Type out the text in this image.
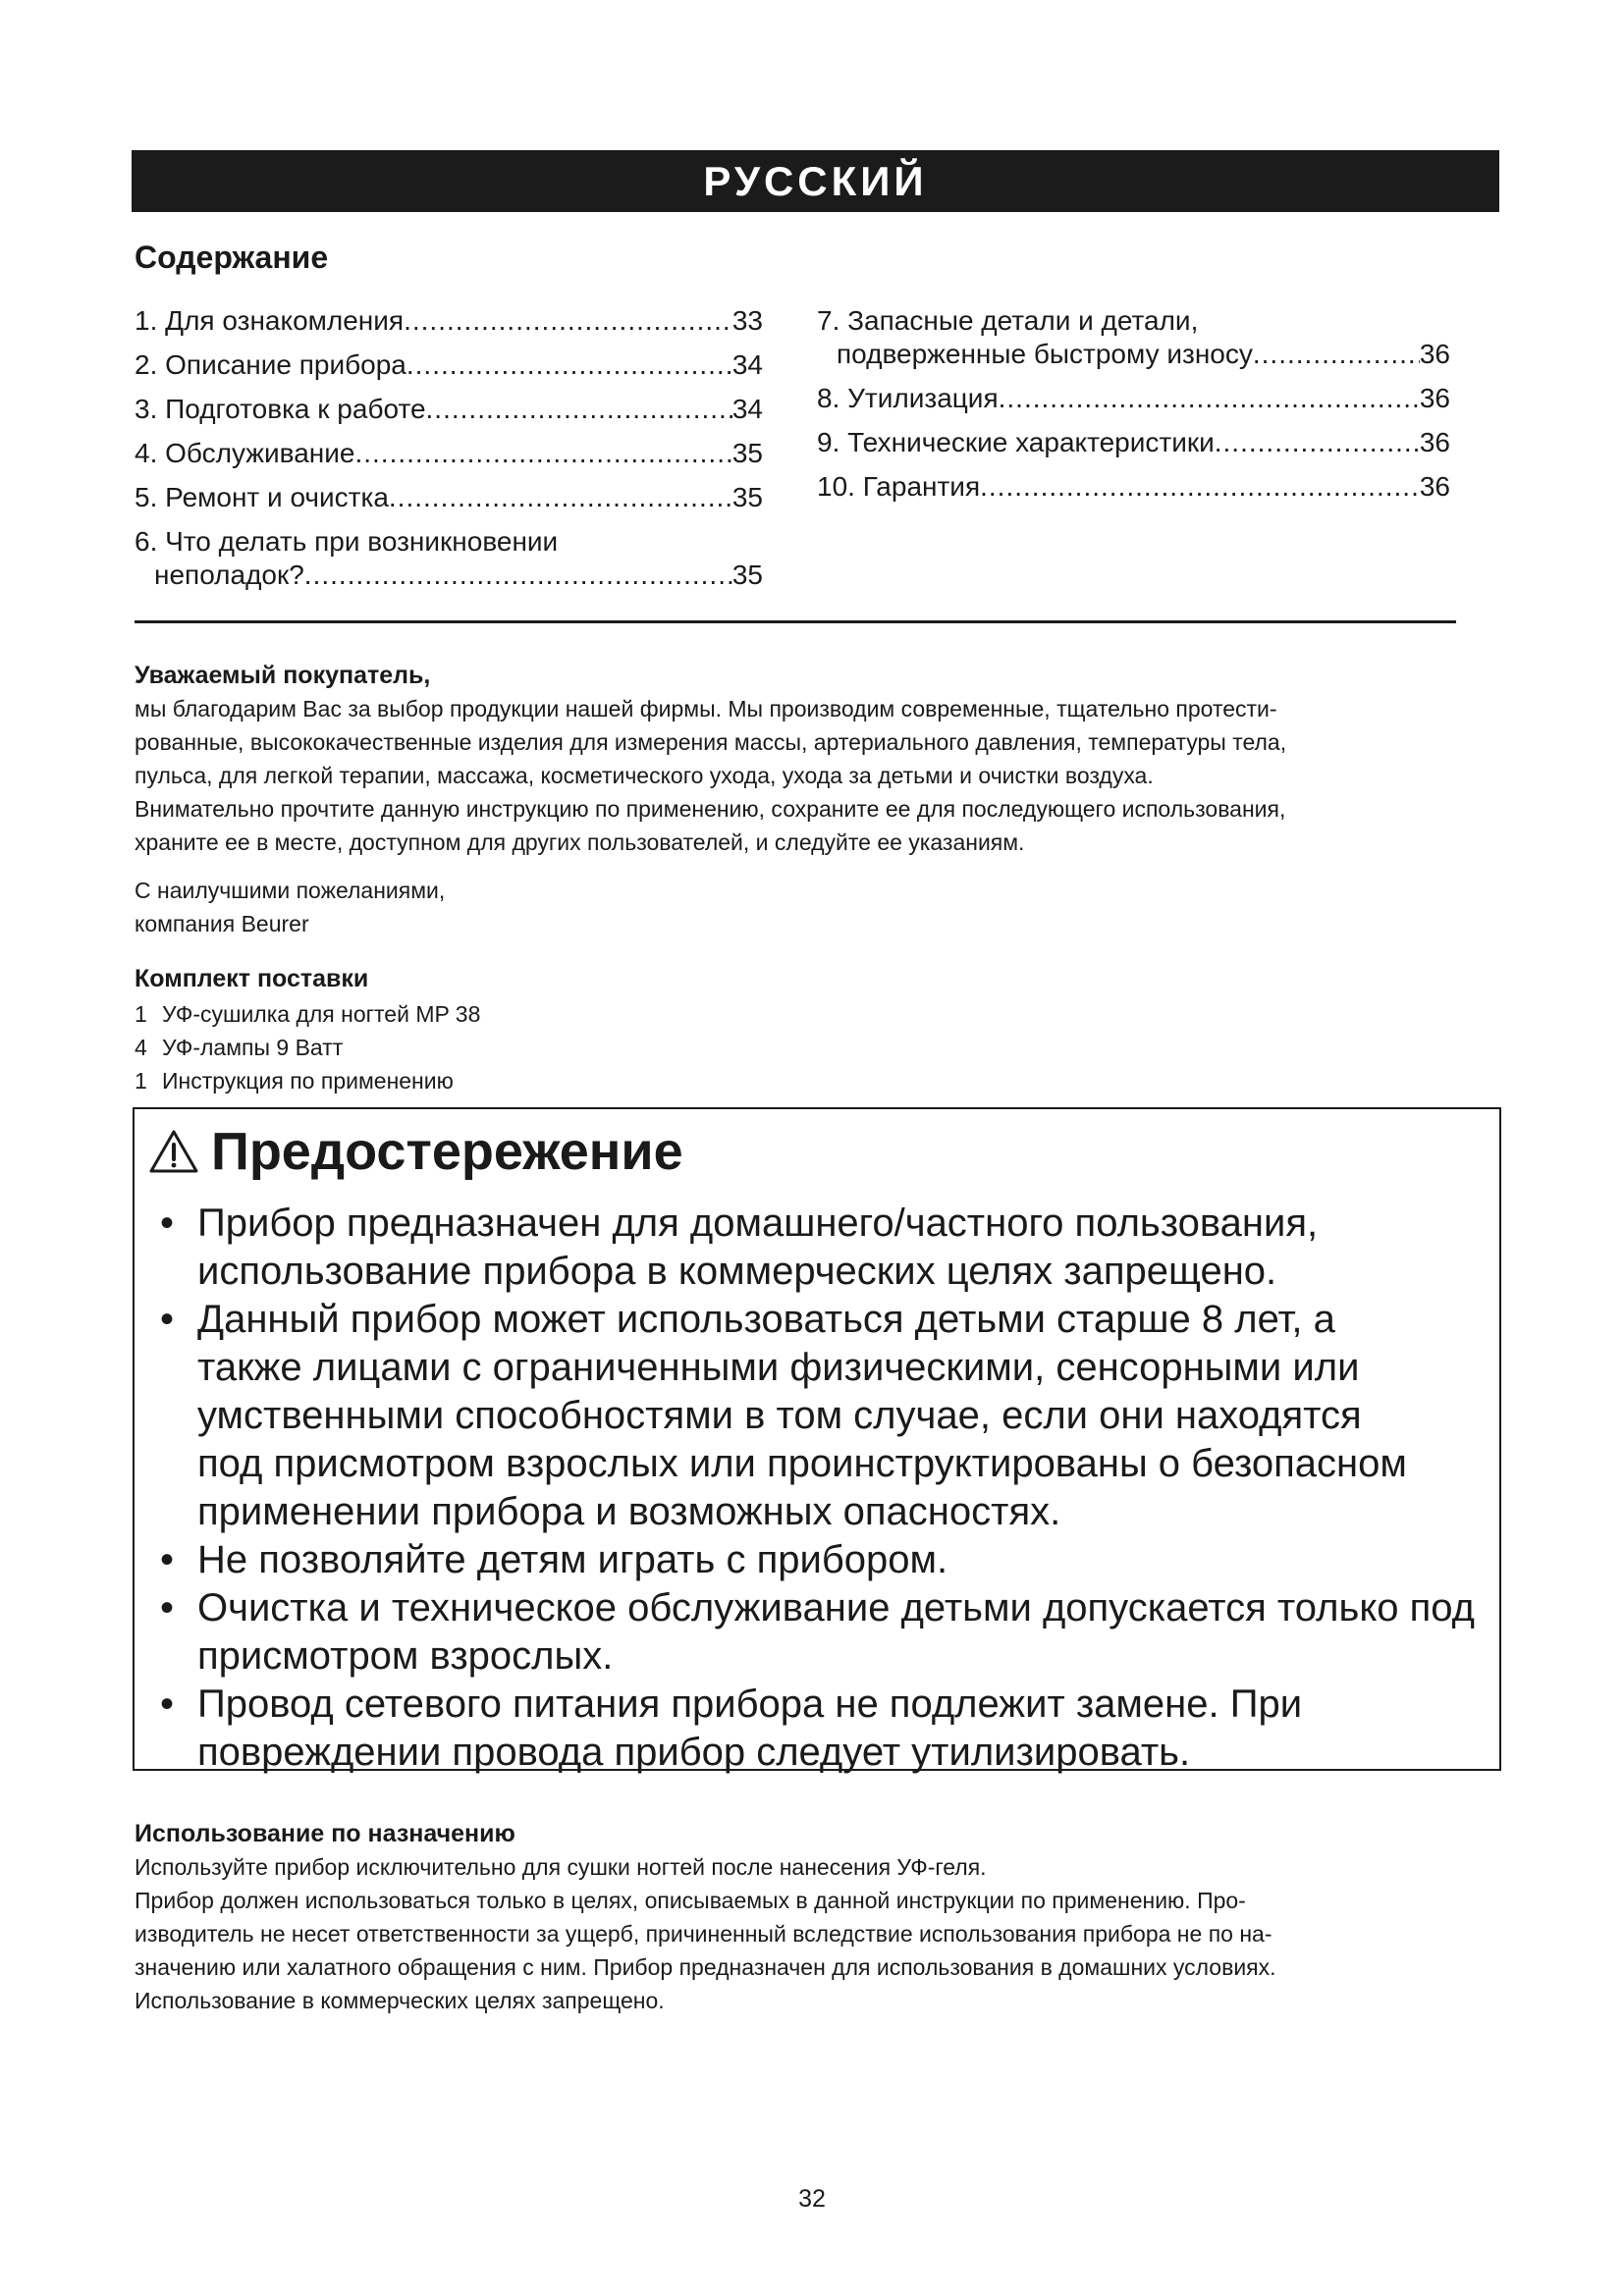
РУССКИЙ
Содержание
1. Для ознакомления .....	33
2. Описание прибора .....	34
3. Подготовка к работе .....	34
4. Обслуживание .....	35
5. Ремонт и очистка .....	35
6. Что делать при возникновении
неполадок? .....	35
7. Запасные детали и детали,
подверженные быстрому износу .....	36
8. Утилизация .....	36
9. Технические характеристики .....	36
10. Гарантия .....	36
Уважаемый покупатель,
мы благодарим Вас за выбор продукции нашей фирмы. Мы производим современные, тщательно протести-
рованные, высококачественные изделия для измерения массы, артериального давления, температуры тела,
пульса, для легкой терапии, массажа, косметического ухода, ухода за детьми и очистки воздуха.
Внимательно прочтите данную инструкцию по применению, сохраните ее для последующего использования,
храните ее в месте, доступном для других пользователей, и следуйте ее указаниям.
С наилучшими пожеланиями,
компания Beurer
Комплект поставки
1 УФ-сушилка для ногтей MP 38
4 УФ-лампы 9 Ватт
1 Инструкция по применению
Предостережение
• Прибор предназначен для домашнего/частного пользования,
использование прибора в коммерческих целях запрещено.
• Данный прибор может использоваться детьми старше 8 лет, а
также лицами с ограниченными физическими, сенсорными или
умственными способностями в том случае, если они находятся
под присмотром взрослых или проинструктированы о безопасном
применении прибора и возможных опасностях.
• Не позволяйте детям играть с прибором.
• Очистка и техническое обслуживание детьми допускается только под
присмотром взрослых.
• Провод сетевого питания прибора не подлежит замене. При
повреждении провода прибор следует утилизировать.
Использование по назначению
Используйте прибор исключительно для сушки ногтей после нанесения УФ-геля.
Прибор должен использоваться только в целях, описываемых в данной инструкции по применению. Про-
изводитель не несет ответственности за ущерб, причиненный вследствие использования прибора не по на-
значению или халатного обращения с ним. Прибор предназначен для использования в домашних условиях.
Использование в коммерческих целях запрещено.
32
